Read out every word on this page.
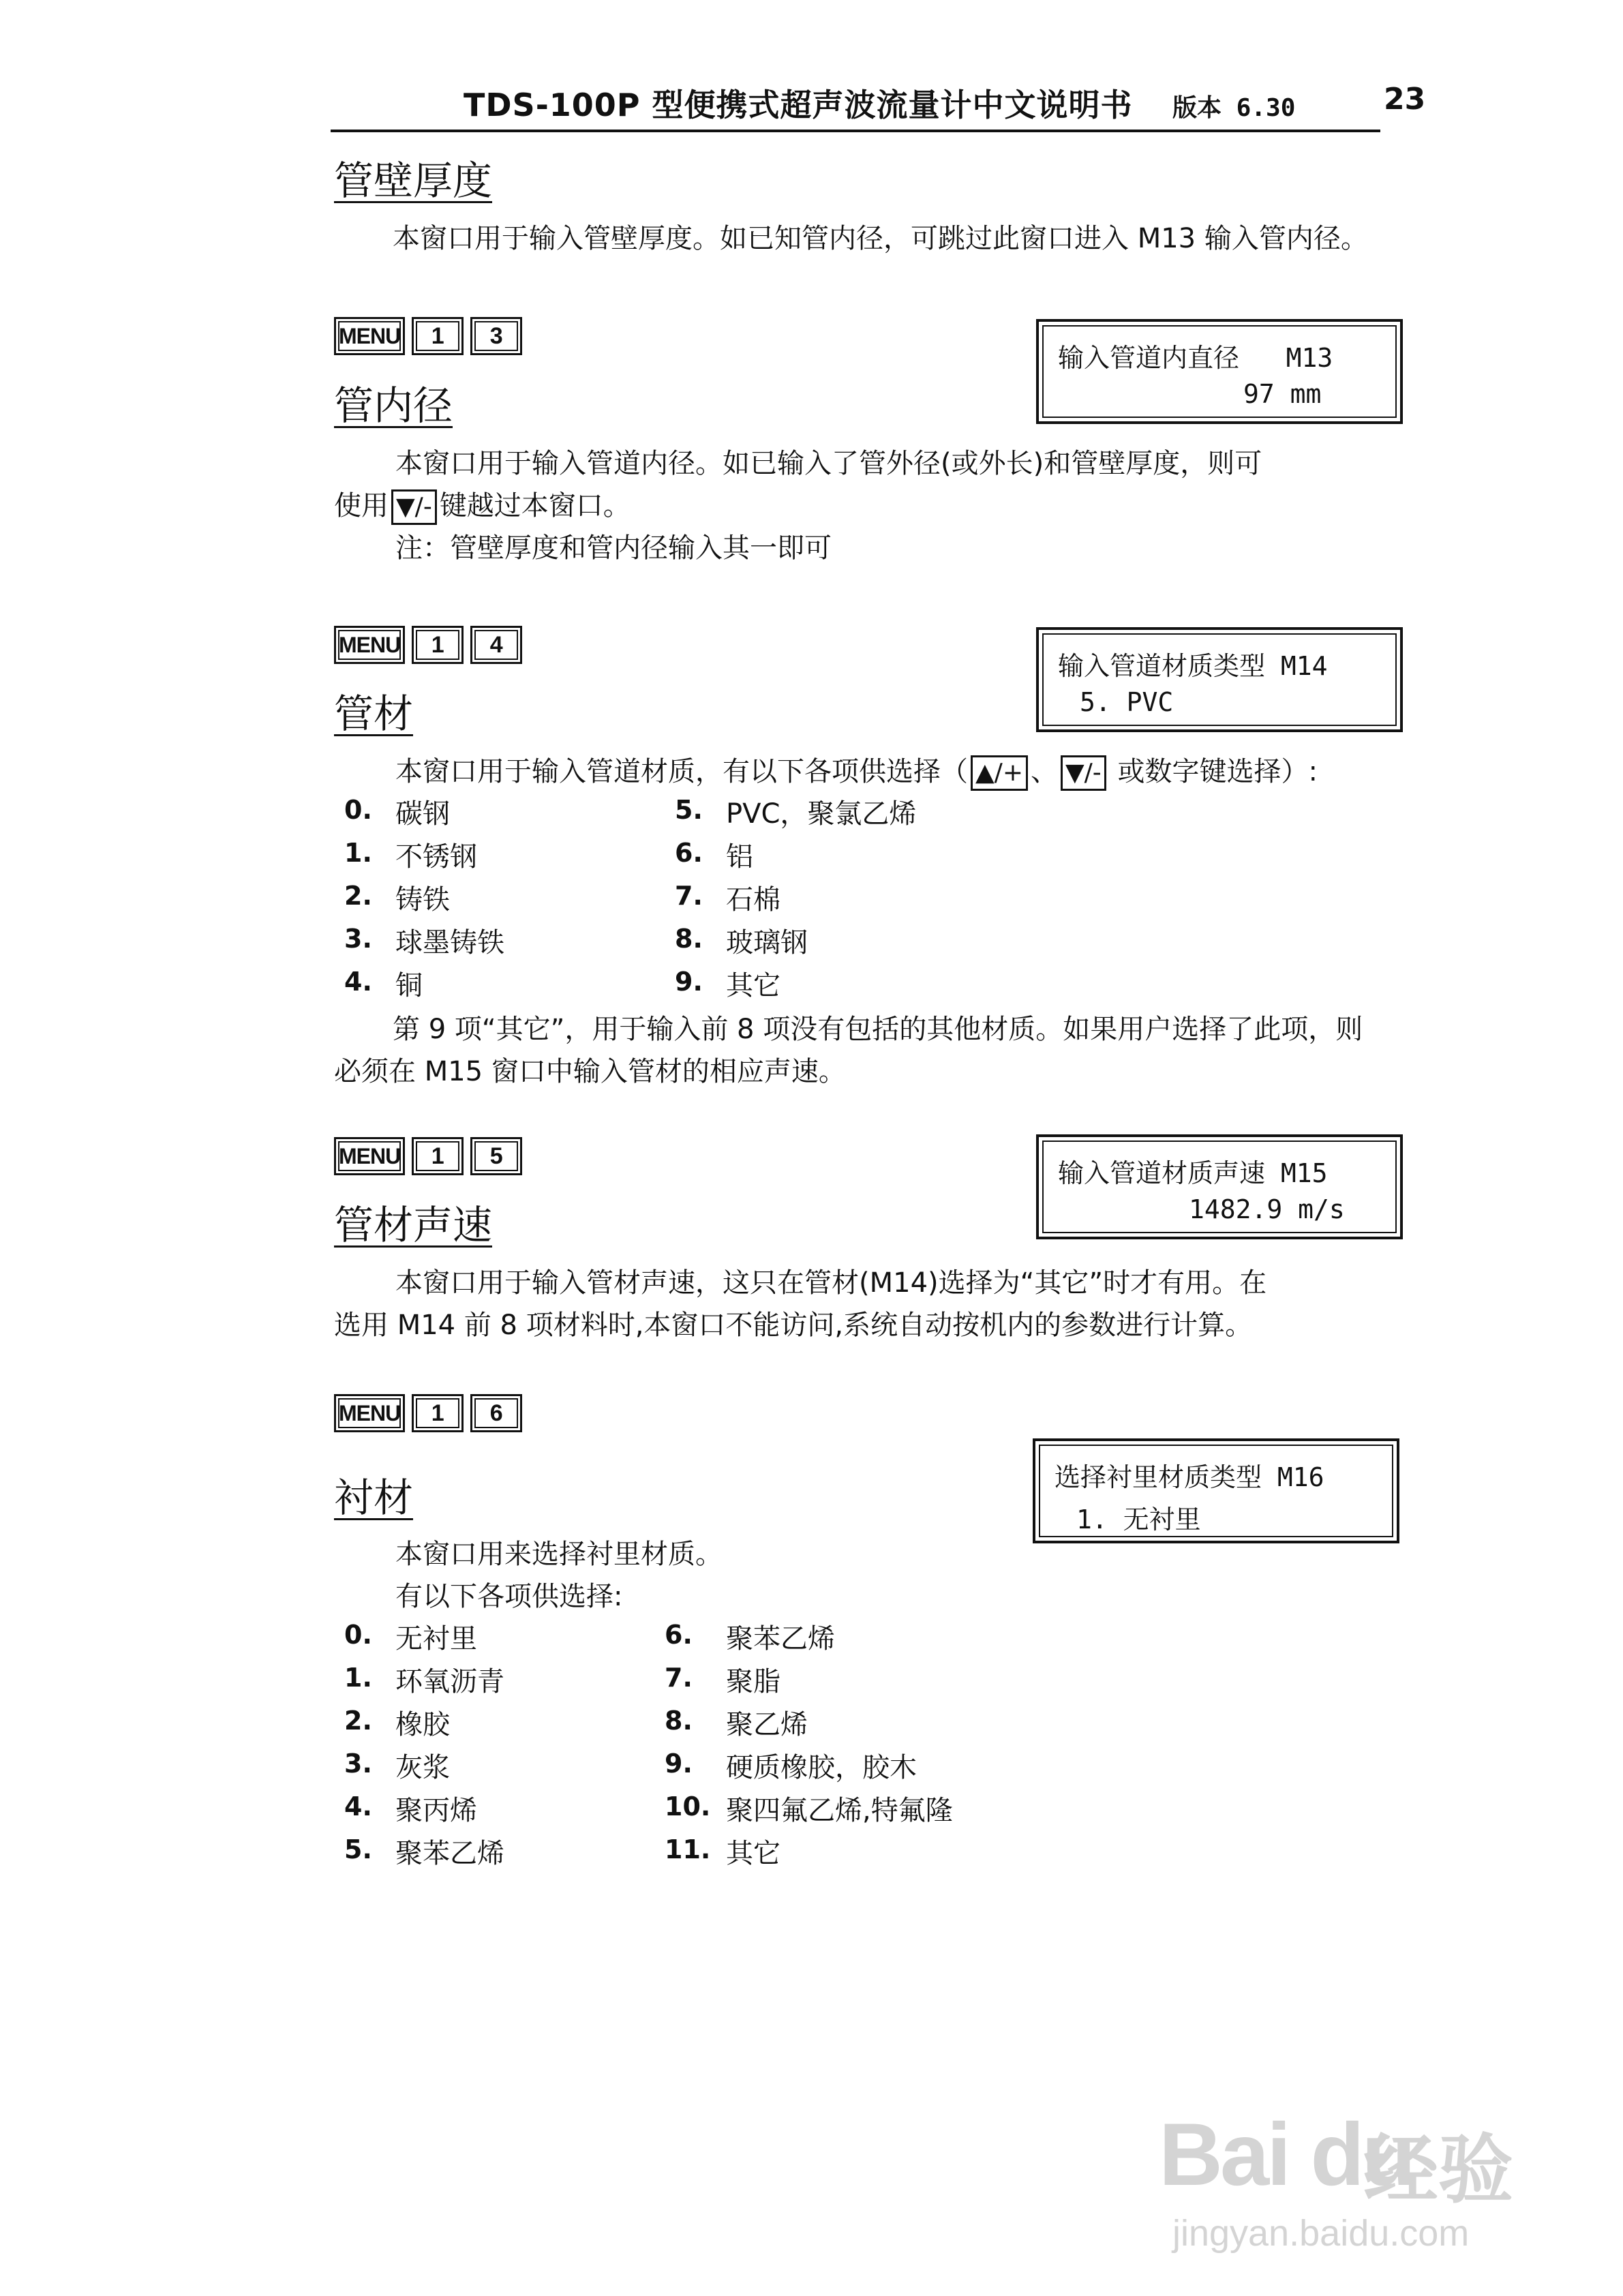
TDS-100P 型便携式超声波流量计中文说明书 版本 6.30	23
管壁厚度
本窗口用于输入管壁厚度。如已知管内径，可跳过此窗口进入 M13 输入管内径。
MENU	1	3
管内径
输入管道内直径   M13
97 mm
本窗口用于输入管道内径。如已输入了管外径(或外长)和管壁厚度，则可
使用 ▼/- 键越过本窗口。
注：管壁厚度和管内径输入其一即可
MENU	1	4
管材
输入管道材质类型 M14
5. PVC
本窗口用于输入管道材质，有以下各项供选择（ ▲/+ 、 ▼/- 或数字键选择）:
0. 碳钢
1. 不锈钢
2. 铸铁
3. 球墨铸铁
4. 铜
5. PVC，聚氯乙烯
6. 铝
7. 石棉
8. 玻璃钢
9. 其它
第 9 项“其它”，用于输入前 8 项没有包括的其他材质。如果用户选择了此项，则
必须在 M15 窗口中输入管材的相应声速。
MENU	1	5
管材声速
输入管道材质声速 M15
1482.9 m/s
本窗口用于输入管材声速，这只在管材(M14)选择为“其它”时才有用。在
选用 M14 前 8 项材料时,本窗口不能访问,系统自动按机内的参数进行计算。
MENU	1	6
衬材	选择衬里材质类型 M16
1. 无衬里
本窗口用来选择衬里材质。
有以下各项供选择:
0. 无衬里
1. 环氧沥青
2. 橡胶
3. 灰浆
4. 聚丙烯
5. 聚苯乙烯
6. 聚苯乙烯
7. 聚脂
8. 聚乙烯
9. 硬质橡胶，胶木
10. 聚四氟乙烯,特氟隆
11. 其它
Bai du
经验
jingyan.baidu.com
